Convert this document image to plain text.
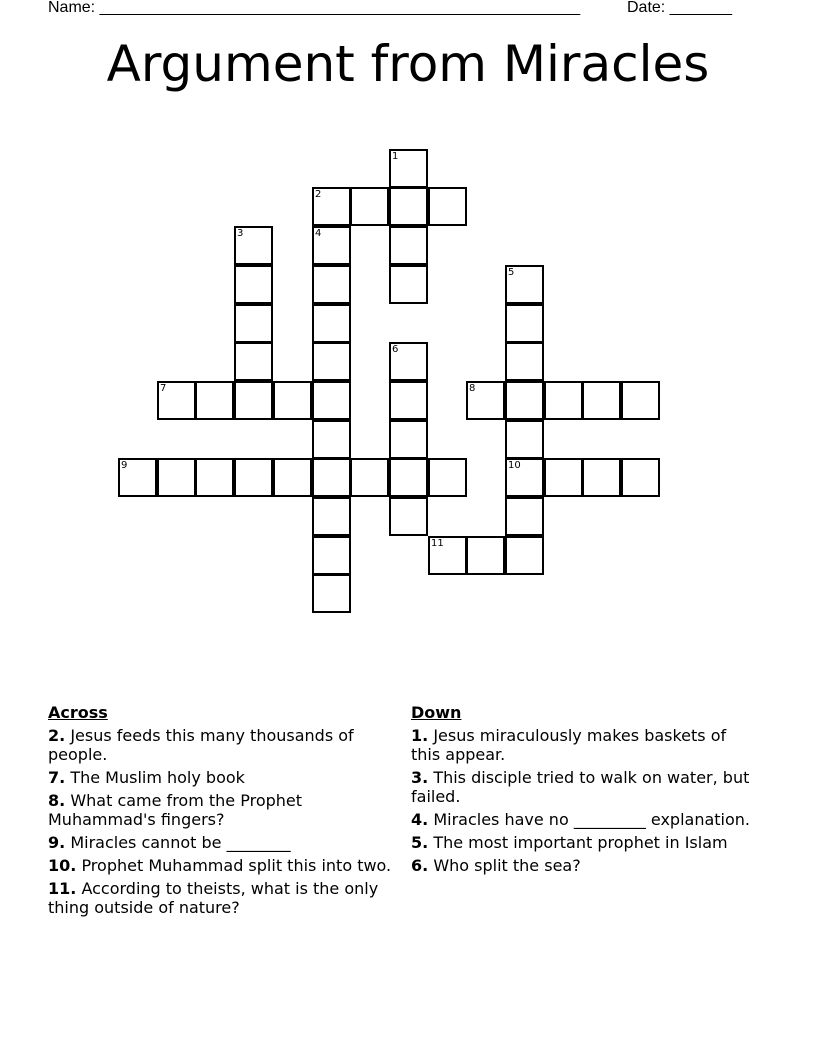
Name: ______________________________________________________	Date: _______
Argument from Miracles
1
2
3	4
5
6
7	8
9	10
11
Across
2. Jesus feeds this many thousands of people.
7. The Muslim holy book
8. What came from the Prophet Muhammad's fingers?
9. Miracles cannot be ________
10. Prophet Muhammad split this into two.
11. According to theists, what is the only thing outside of nature?
Down
1. Jesus miraculously makes baskets of this appear.
3. This disciple tried to walk on water, but failed.
4. Miracles have no _________ explanation.
5. The most important prophet in Islam
6. Who split the sea?
